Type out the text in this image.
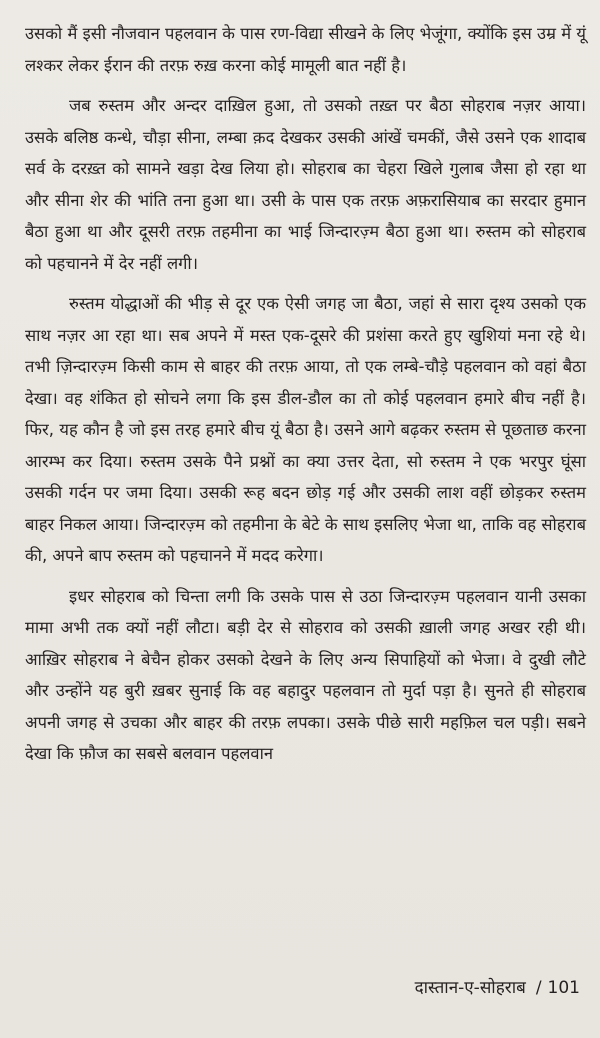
उसको मैं इसी नौजवान पहलवान के पास रण-विद्या सीखने के लिए भेजूंगा, क्योंकि इस उम्र में यूं लश्कर लेकर ईरान की तरफ़ रुख़ करना कोई मामूली बात नहीं है।

जब रुस्तम और अन्दर दाख़िल हुआ, तो उसको तख़्त पर बैठा सोहराब नज़र आया। उसके बलिष्ठ कन्धे, चौड़ा सीना, लम्बा क़द देखकर उसकी आंखें चमकीं, जैसे उसने एक शादाब सर्व के दरख़्त को सामने खड़ा देख लिया हो। सोहराब का चेहरा खिले गुलाब जैसा हो रहा था और सीना शेर की भांति तना हुआ था। उसी के पास एक तरफ़ अफ़रासियाब का सरदार हुमान बैठा हुआ था और दूसरी तरफ़ तहमीना का भाई जिन्दारज़्म बैठा हुआ था। रुस्तम को सोहराब को पहचानने में देर नहीं लगी।

रुस्तम योद्धाओं की भीड़ से दूर एक ऐसी जगह जा बैठा, जहां से सारा दृश्य उसको एक साथ नज़र आ रहा था। सब अपने में मस्त एक-दूसरे की प्रशंसा करते हुए खुशियां मना रहे थे। तभी ज़िन्दारज़्म किसी काम से बाहर की तरफ़ आया, तो एक लम्बे-चौड़े पहलवान को वहां बैठा देखा। वह शंकित हो सोचने लगा कि इस डील-डौल का तो कोई पहलवान हमारे बीच नहीं है। फिर, यह कौन है जो इस तरह हमारे बीच यूं बैठा है। उसने आगे बढ़कर रुस्तम से पूछताछ करना आरम्भ कर दिया। रुस्तम उसके पैने प्रश्नों का क्या उत्तर देता, सो रुस्तम ने एक भरपुर घूंसा उसकी गर्दन पर जमा दिया। उसकी रूह बदन छोड़ गई और उसकी लाश वहीं छोड़कर रुस्तम बाहर निकल आया। जिन्दारज़्म को तहमीना के बेटे के साथ इसलिए भेजा था, ताकि वह सोहराब की, अपने बाप रुस्तम को पहचानने में मदद करेगा।

इधर सोहराब को चिन्ता लगी कि उसके पास से उठा जिन्दारज़्म पहलवान यानी उसका मामा अभी तक क्यों नहीं लौटा। बड़ी देर से सोहराव को उसकी ख़ाली जगह अखर रही थी। आख़िर सोहराब ने बेचैन होकर उसको देखने के लिए अन्य सिपाहियों को भेजा। वे दुखी लौटे और उन्होंने यह बुरी ख़बर सुनाई कि वह बहादुर पहलवान तो मुर्दा पड़ा है। सुनते ही सोहराब अपनी जगह से उचका और बाहर की तरफ़ लपका। उसके पीछे सारी महफ़िल चल पड़ी। सबने देखा कि फ़ौज का सबसे बलवान पहलवान

दास्तान-ए-सोहराब / 101
